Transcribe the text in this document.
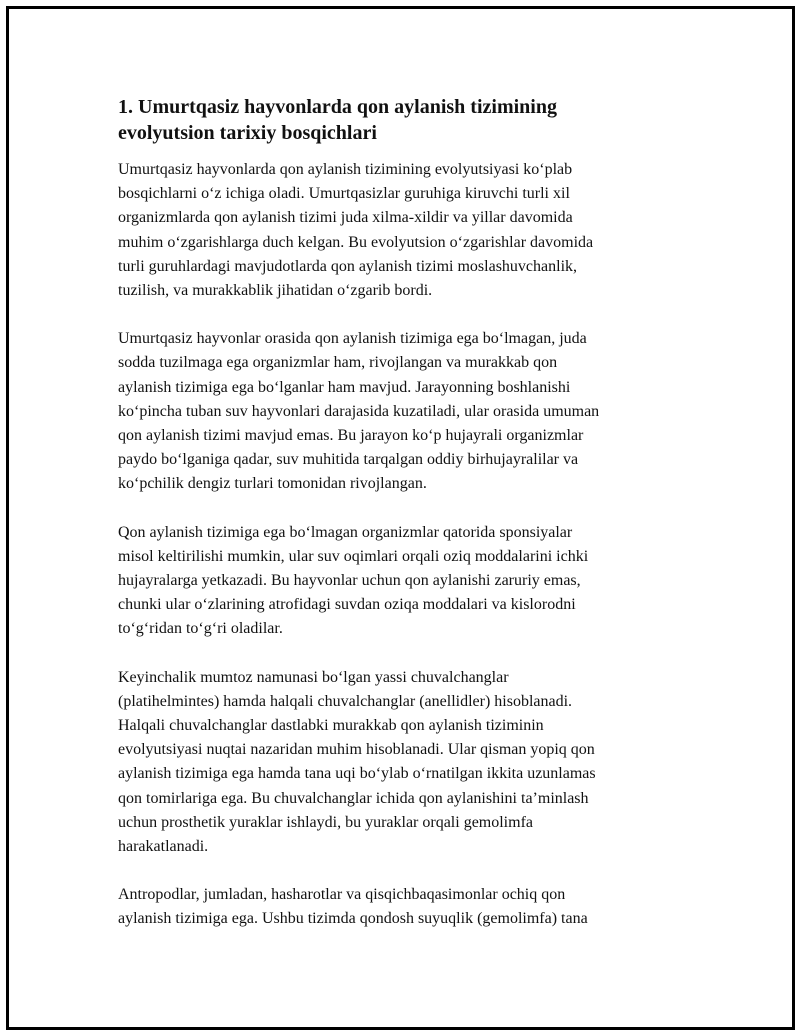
1. Umurtqasiz hayvonlarda qon aylanish tizimining
evolyutsion tarixiy bosqichlari

Umurtqasiz hayvonlarda qon aylanish tizimining evolyutsiyasi ko‘plab
bosqichlarni o‘z ichiga oladi. Umurtqasizlar guruhiga kiruvchi turli xil
organizmlarda qon aylanish tizimi juda xilma-xildir va yillar davomida
muhim o‘zgarishlarga duch kelgan. Bu evolyutsion o‘zgarishlar davomida
turli guruhlardagi mavjudotlarda qon aylanish tizimi moslashuvchanlik,
tuzilish, va murakkablik jihatidan o‘zgarib bordi.

Umurtqasiz hayvonlar orasida qon aylanish tizimiga ega bo‘lmagan, juda
sodda tuzilmaga ega organizmlar ham, rivojlangan va murakkab qon
aylanish tizimiga ega bo‘lganlar ham mavjud. Jarayonning boshlanishi
ko‘pincha tuban suv hayvonlari darajasida kuzatiladi, ular orasida umuman
qon aylanish tizimi mavjud emas. Bu jarayon ko‘p hujayrali organizmlar
paydo bo‘lganiga qadar, suv muhitida tarqalgan oddiy birhujayralilar va
ko‘pchilik dengiz turlari tomonidan rivojlangan.

Qon aylanish tizimiga ega bo‘lmagan organizmlar qatorida sponsiyalar
misol keltirilishi mumkin, ular suv oqimlari orqali oziq moddalarini ichki
hujayralarga yetkazadi. Bu hayvonlar uchun qon aylanishi zaruriy emas,
chunki ular o‘zlarining atrofidagi suvdan oziqa moddalari va kislorodni
to‘g‘ridan to‘g‘ri oladilar.

Keyinchalik mumtoz namunasi bo‘lgan yassi chuvalchanglar
(platihelmintes) hamda halqali chuvalchanglar (anellidler) hisoblanadi.
Halqali chuvalchanglar dastlabki murakkab qon aylanish tiziminin
evolyutsiyasi nuqtai nazaridan muhim hisoblanadi. Ular qisman yopiq qon
aylanish tizimiga ega hamda tana uqi bo‘ylab o‘rnatilgan ikkita uzunlamas
qon tomirlariga ega. Bu chuvalchanglar ichida qon aylanishini ta’minlash
uchun prosthetik yuraklar ishlaydi, bu yuraklar orqali gemolimfa
harakatlanadi.

Antropodlar, jumladan, hasharotlar va qisqichbaqasimonlar ochiq qon
aylanish tizimiga ega. Ushbu tizimda qondosh suyuqlik (gemolimfa) tana
